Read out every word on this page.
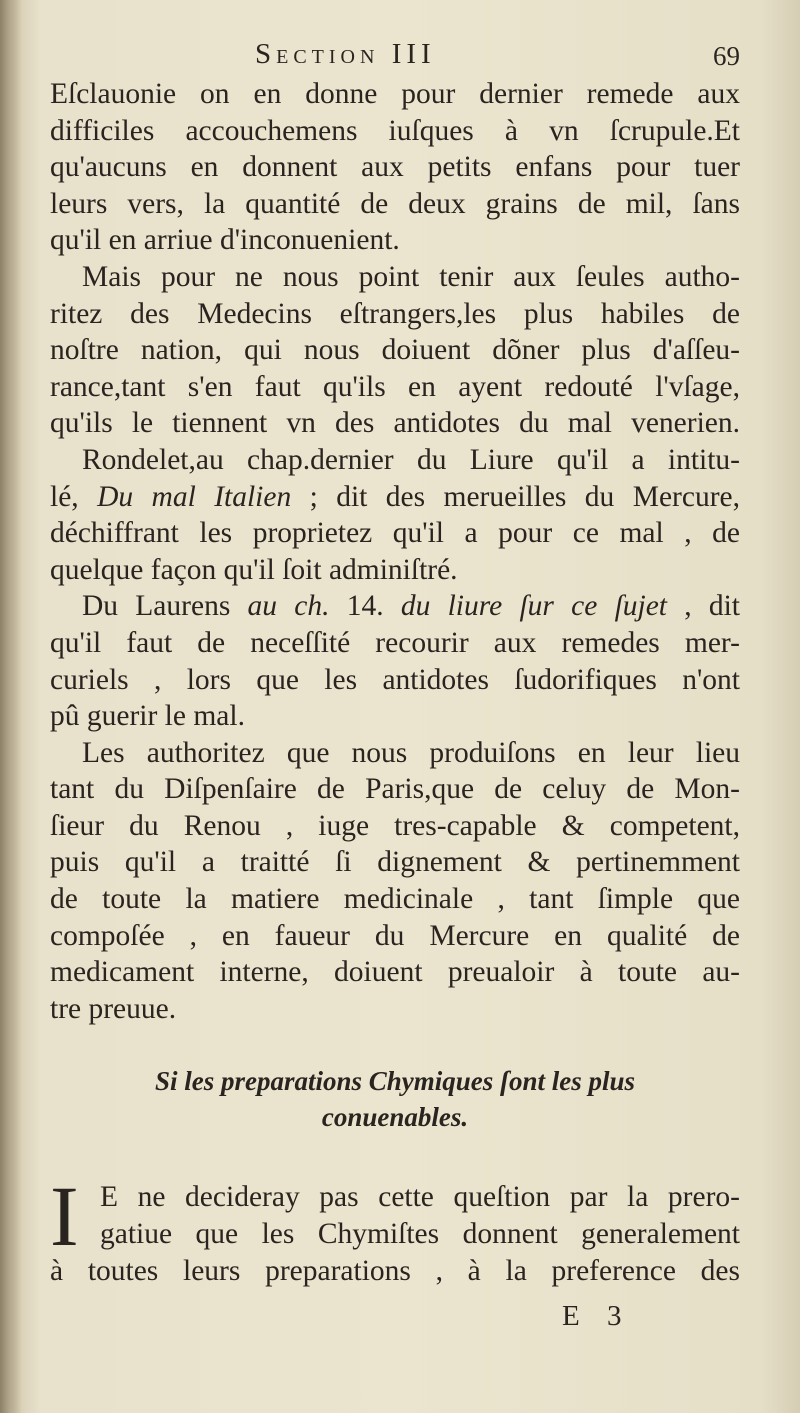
Section III	69
Eſclauonie on en donne pour dernier remede aux
difficiles accouchemens iuſques à vn ſcrupule.Et
qu'aucuns en donnent aux petits enfans pour tuer
leurs vers, la quantité de deux grains de mil, ſans
qu'il en arriue d'inconuenient.
Mais pour ne nous point tenir aux ſeules autho-
ritez des Medecins eſtrangers,les plus habiles de
noſtre nation, qui nous doiuent dõner plus d'aſſeu-
rance,tant s'en faut qu'ils en ayent redouté l'vſage,
qu'ils le tiennent vn des antidotes du mal venerien.
Rondelet,au chap.dernier du Liure qu'il a intitu-
lé, Du mal Italien ; dit des merueilles du Mercure,
déchiffrant les proprietez qu'il a pour ce mal , de
quelque façon qu'il ſoit adminiſtré.
Du Laurens au ch. 14. du liure ſur ce ſujet , dit
qu'il faut de neceſſité recourir aux remedes mer-
curiels , lors que les antidotes ſudorifiques n'ont
pû guerir le mal.
Les authoritez que nous produiſons en leur lieu
tant du Diſpenſaire de Paris,que de celuy de Mon-
ſieur du Renou , iuge tres-capable & competent,
puis qu'il a traitté ſi dignement & pertinemment
de toute la matiere medicinale , tant ſimple que
compoſée , en faueur du Mercure en qualité de
medicament interne, doiuent preualoir à toute au-
tre preuue.
Si les preparations Chymiques ſont les plus
conuenables.
I E ne decideray pas cette queſtion par la prero-
gatiue que les Chymiſtes donnent generalement
à toutes leurs preparations , à la preference des
E 3
